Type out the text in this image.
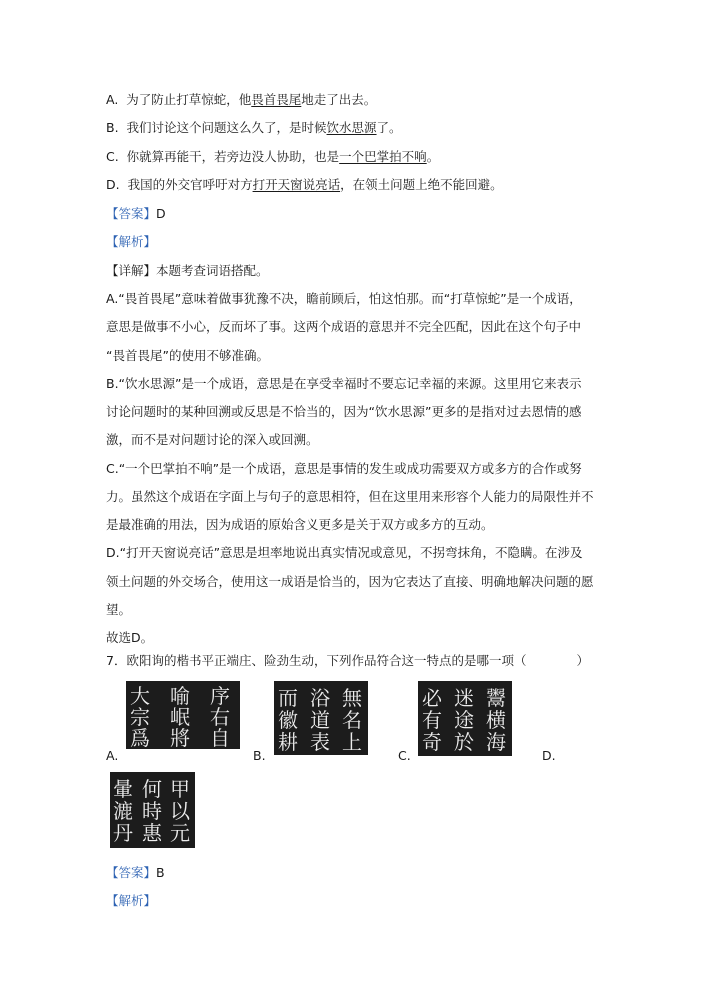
A. 为了防止打草惊蛇，他畏首畏尾地走了出去。
B. 我们讨论这个问题这么久了，是时候饮水思源了。
C. 你就算再能干，若旁边没人协助，也是一个巴掌拍不响。
D. 我国的外交官呼吁对方打开天窗说亮话，在领土问题上绝不能回避。
【答案】D
【解析】
【详解】本题考查词语搭配。
A.“畏首畏尾”意味着做事犹豫不决，瞻前顾后，怕这怕那。而“打草惊蛇”是一个成语，
意思是做事不小心，反而坏了事。这两个成语的意思并不完全匹配，因此在这个句子中
“畏首畏尾”的使用不够准确。
B.“饮水思源”是一个成语，意思是在享受幸福时不要忘记幸福的来源。这里用它来表示
讨论问题时的某种回溯或反思是不恰当的，因为“饮水思源”更多的是指对过去恩情的感
激，而不是对问题讨论的深入或回溯。
C.“一个巴掌拍不响”是一个成语，意思是事情的发生或成功需要双方或多方的合作或努
力。虽然这个成语在字面上与句子的意思相符，但在这里用来形容个人能力的局限性并不
是最准确的用法，因为成语的原始含义更多是关于双方或多方的互动。
D.“打开天窗说亮话”意思是坦率地说出真实情况或意见，不拐弯抹角，不隐瞒。在涉及
领土问题的外交场合，使用这一成语是恰当的，因为它表达了直接、明确地解决问题的愿
望。
故选D。
7．欧阳询的楷书平正端庄、险劲生动，下列作品符合这一特点的是哪一项（　　　　）
大
宗
爲
喻
岷
將
序
右
自
而
徽
耕
浴
道
表
無
名
上
必
有
奇
迷
途
於
鬻
横
海
暈
漉
丹
何
時
惠
甲
以
元
A.	B.	C.	D.
【答案】B
【解析】
